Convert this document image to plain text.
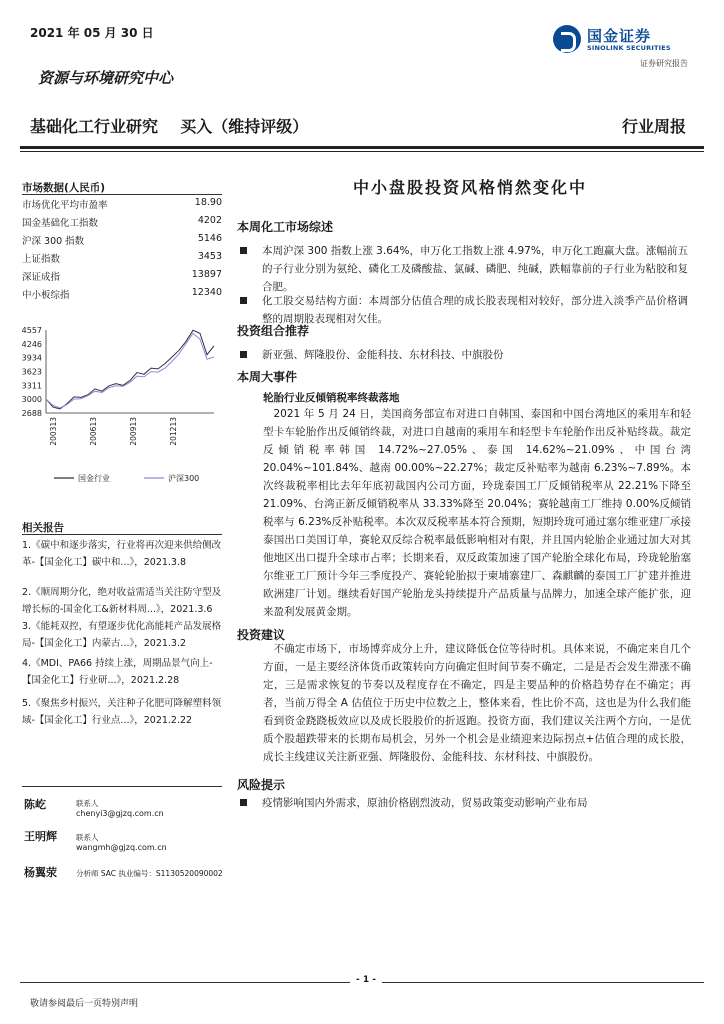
2021 年 05 月 30 日	国金证券
SINOLINK SECURITIES
证券研究报告
资源与环境研究中心
基础化工行业研究    买入（维持评级）	行业周报
市场数据(人民币)
市场优化平均市盈率	18.90
国金基础化工指数	4202
沪深 300 指数	5146
上证指数	3453
深证成指	13897
中小板综指	12340
4557
4246
3934
3623
3311
3000
2688
200313	200613	200913	201213
国金行业	沪深300
相关报告
1.《碳中和逐步落实，行业将再次迎来供给侧改革-【国金化工】碳中和...》，2021.3.8
2.《顺周期分化，绝对收益需适当关注防守型及增长标的-国金化工&新材料周...》，2021.3.6
3.《能耗双控，有望逐步优化高能耗产品发展格局-【国金化工】内蒙古...》，2021.3.2
4.《MDI、PA66 持续上涨，周期品景气向上-【国金化工】行业研...》，2021.2.28
5.《聚焦乡村振兴，关注种子化肥可降解塑料领域-【国金化工】行业点...》，2021.2.22
陈屹	联系人
chenyi3@gjzq.com.cn
王明辉	联系人
wangmh@gjzq.com.cn
杨翼荥	分析师 SAC 执业编号：S1130520090002
中小盘股投资风格悄然变化中
本周化工市场综述
本周沪深 300 指数上涨 3.64%，申万化工指数上涨 4.97%，申万化工跑赢大盘。涨幅前五的子行业分别为氨纶、磷化工及磷酸盐、氯碱、磷肥、纯碱，跌幅靠前的子行业为粘胶和复合肥。
化工股交易结构方面：本周部分估值合理的成长股表现相对较好，部分进入淡季产品价格调整的周期股表现相对欠佳。
投资组合推荐
新亚强、辉隆股份、金能科技、东材科技、中旗股份
本周大事件
轮胎行业反倾销税率终裁落地
2021 年 5 月 24 日，美国商务部宣布对进口自韩国、泰国和中国台湾地区的乘用车和轻型卡车轮胎作出反倾销终裁，对进口自越南的乘用车和轻型卡车轮胎作出反补贴终裁。裁定反倾销税率韩国 14.72%~27.05%、泰国 14.62%~21.09%、中国台湾 20.04%~101.84%、越南 00.00%~22.27%；裁定反补贴率为越南 6.23%~7.89%。本次终裁税率相比去年年底初裁国内公司方面，玲珑泰国工厂反倾销税率从 22.21%下降至 21.09%、台湾正新反倾销税率从 33.33%降至 20.04%；赛轮越南工厂维持 0.00%反倾销税率与 6.23%反补贴税率。本次双反税率基本符合预期，短期玲珑可通过塞尔维亚建厂承接泰国出口美国订单，赛轮双反综合税率最低影响相对有限，并且国内轮胎企业通过加大对其他地区出口提升全球市占率；长期来看，双反政策加速了国产轮胎全球化布局，玲珑轮胎塞尔维亚工厂预计今年三季度投产、赛轮轮胎拟于柬埔寨建厂、森麒麟的泰国工厂扩建并推进欧洲建厂计划。继续看好国产轮胎龙头持续提升产品质量与品牌力，加速全球产能扩张，迎来盈利发展黄金期。
投资建议
不确定市场下，市场博弈成分上升，建议降低仓位等待时机。具体来说，不确定来自几个方面，一是主要经济体货币政策转向方向确定但时间节奏不确定，二是是否会发生滞涨不确定，三是需求恢复的节奏以及程度存在不确定，四是主要品种的价格趋势存在不确定；再者，当前万得全 A 估值位于历史中位数之上，整体来看，性比价不高，这也是为什么我们能看到资金跷跷板效应以及成长股股价的折返跑。投资方面，我们建议关注两个方向，一是优质个股超跌带来的长期布局机会，另外一个机会是业绩迎来边际拐点+估值合理的成长股，成长主线建议关注新亚强、辉隆股份、金能科技、东材科技、中旗股份。
风险提示
疫情影响国内外需求，原油价格剧烈波动，贸易政策变动影响产业布局
- 1 -
敬请参阅最后一页特别声明
